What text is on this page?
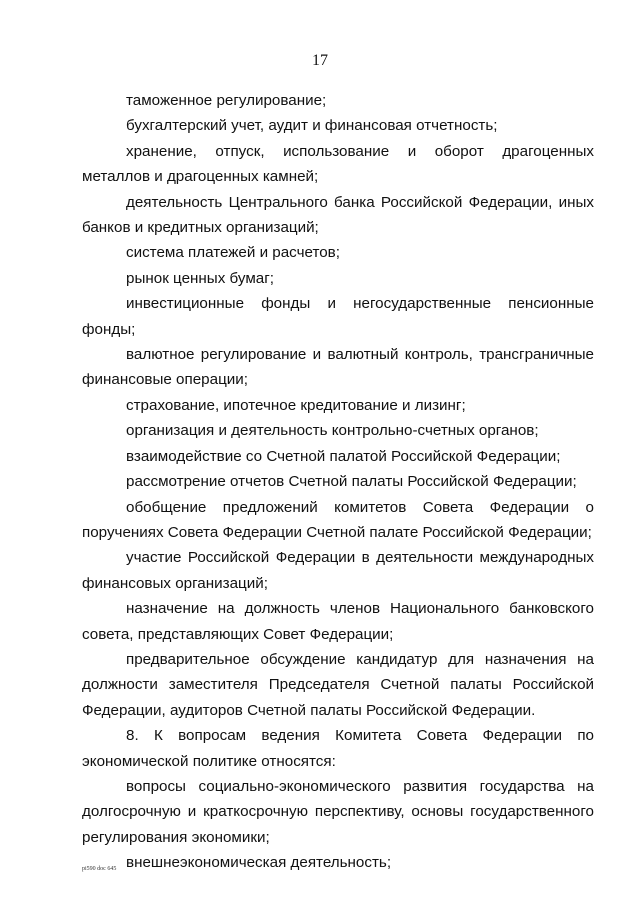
17

таможенное регулирование;

бухгалтерский учет, аудит и финансовая отчетность;

хранение, отпуск, использование и оборот драгоценных металлов и драгоценных камней;

деятельность Центрального банка Российской Федерации, иных банков и кредитных организаций;

система платежей и расчетов;

рынок ценных бумаг;

инвестиционные фонды и негосударственные пенсионные фонды;

валютное регулирование и валютный контроль, трансграничные финансовые операции;

страхование, ипотечное кредитование и лизинг;

организация и деятельность контрольно-счетных органов;

взаимодействие со Счетной палатой Российской Федерации;

рассмотрение отчетов Счетной палаты Российской Федерации;

обобщение предложений комитетов Совета Федерации о поручениях Совета Федерации Счетной палате Российской Федерации;

участие Российской Федерации в деятельности международных финансовых организаций;

назначение на должность членов Национального банковского совета, представляющих Совет Федерации;

предварительное обсуждение кандидатур для назначения на должности заместителя Председателя Счетной палаты Российской Федерации, аудиторов Счетной палаты Российской Федерации.

8. К вопросам ведения Комитета Совета Федерации по экономической политике относятся:

вопросы социально-экономического развития государства на долгосрочную и краткосрочную перспективу, основы государственного регулирования экономики;

внешнеэкономическая деятельность;

pi590 doc 645
